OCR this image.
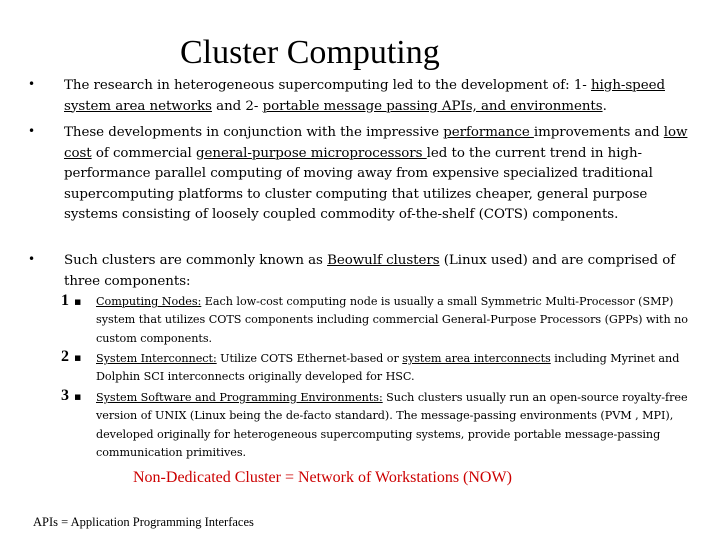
Cluster Computing
• The research in heterogeneous supercomputing led to the development of: 1- high-speed system area networks and 2- portable message passing APIs, and environments.
• These developments in conjunction with the impressive performance improvements and low cost of commercial general-purpose microprocessors led to the current trend in high-performance parallel computing of moving away from expensive specialized traditional supercomputing platforms to cluster computing that utilizes cheaper, general purpose systems consisting of loosely coupled commodity of-the-shelf (COTS) components.
• Such clusters are commonly known as Beowulf clusters (Linux used) and are comprised of three components:
1 ▪ Computing Nodes: Each low-cost computing node is usually a small Symmetric Multi-Processor (SMP) system that utilizes COTS components including commercial General-Purpose Processors (GPPs) with no custom components.
2 ▪ System Interconnect: Utilize COTS Ethernet-based or system area interconnects including Myrinet and Dolphin SCI interconnects originally developed for HSC.
3 ▪ System Software and Programming Environments: Such clusters usually run an open-source royalty-free version of UNIX (Linux being the de-facto standard). The message-passing environments (PVM , MPI), developed originally for heterogeneous supercomputing systems, provide portable message-passing communication primitives.
Non-Dedicated Cluster = Network of Workstations (NOW)
APIs = Application Programming Interfaces
